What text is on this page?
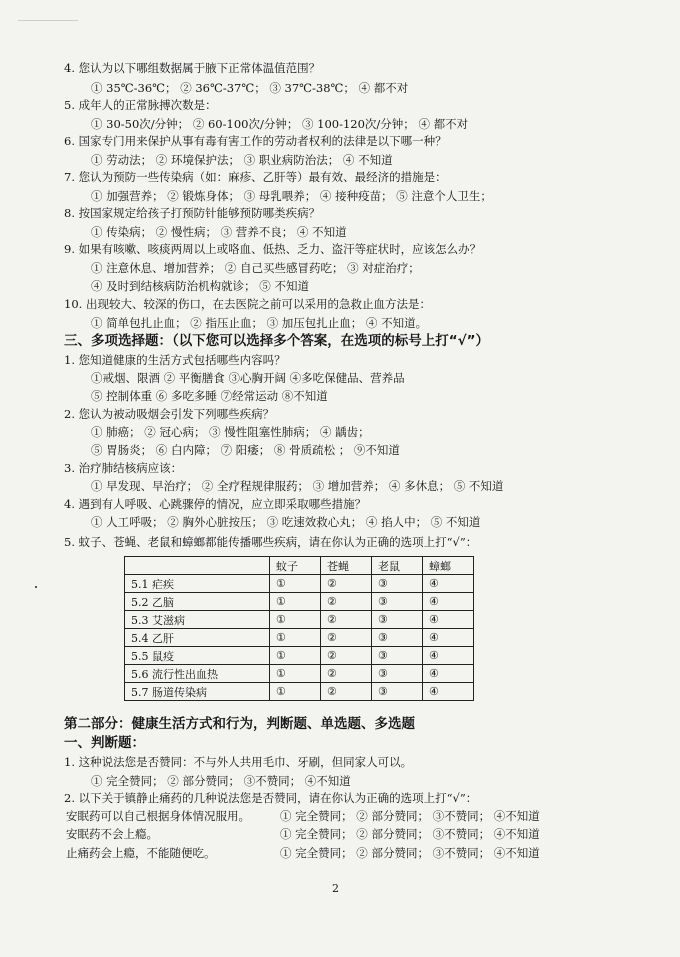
4. 您认为以下哪组数据属于腋下正常体温值范围？
① 35℃-36℃； ② 36℃-37℃； ③ 37℃-38℃； ④ 都不对
5. 成年人的正常脉搏次数是：
① 30-50次/分钟； ② 60-100次/分钟； ③ 100-120次/分钟； ④ 都不对
6. 国家专门用来保护从事有毒有害工作的劳动者权利的法律是以下哪一种？
① 劳动法； ② 环境保护法； ③ 职业病防治法； ④ 不知道
7. 您认为预防一些传染病（如：麻疹、乙肝等）最有效、最经济的措施是：
① 加强营养； ② 锻炼身体； ③ 母乳喂养； ④ 接种疫苗； ⑤ 注意个人卫生；
8. 按国家规定给孩子打预防针能够预防哪类疾病？
① 传染病； ② 慢性病； ③ 营养不良； ④ 不知道
9. 如果有咳嗽、咳痰两周以上或咯血、低热、乏力、盗汗等症状时，应该怎么办？
① 注意休息、增加营养； ② 自己买些感冒药吃； ③ 对症治疗；
④ 及时到结核病防治机构就诊； ⑤ 不知道
10. 出现较大、较深的伤口，在去医院之前可以采用的急救止血方法是：
① 简单包扎止血； ② 指压止血； ③ 加压包扎止血； ④ 不知道。
三、多项选择题：（以下您可以选择多个答案，在选项的标号上打“√”）
1. 您知道健康的生活方式包括哪些内容吗？
①戒烟、限酒 ② 平衡膳食 ③心胸开阔 ④多吃保健品、营养品
⑤ 控制体重 ⑥ 多吃多睡 ⑦经常运动 ⑧不知道
2. 您认为被动吸烟会引发下列哪些疾病？
① 肺癌； ② 冠心病； ③ 慢性阻塞性肺病； ④ 龋齿；
⑤ 胃肠炎； ⑥ 白内障； ⑦ 阳痿； ⑧ 骨质疏松 ； ⑨不知道
3. 治疗肺结核病应该：
① 早发现、早治疗； ② 全疗程规律服药； ③ 增加营养； ④ 多休息； ⑤ 不知道
4. 遇到有人呼吸、心跳骤停的情况，应立即采取哪些措施？
① 人工呼吸； ② 胸外心脏按压； ③ 吃速效救心丸； ④ 掐人中； ⑤ 不知道
5. 蚊子、苍蝇、老鼠和蟑螂都能传播哪些疾病，请在你认为正确的选项上打“√”：
	蚊子	苍蝇	老鼠	蟑螂
5.1 疟疾	①	②	③	④
5.2 乙脑	①	②	③	④
5.3 艾滋病	①	②	③	④
5.4 乙肝	①	②	③	④
5.5 鼠疫	①	②	③	④
5.6 流行性出血热	①	②	③	④
5.7 肠道传染病	①	②	③	④
第二部分：健康生活方式和行为，判断题、单选题、多选题
一、判断题：
1. 这种说法您是否赞同：不与外人共用毛巾、牙刷，但同家人可以。
① 完全赞同； ② 部分赞同； ③不赞同； ④不知道
2. 以下关于镇静止痛药的几种说法您是否赞同，请在你认为正确的选项上打“√”：
安眠药可以自己根据身体情况服用。	① 完全赞同； ② 部分赞同； ③不赞同； ④不知道
安眠药不会上瘾。	① 完全赞同； ② 部分赞同； ③不赞同； ④不知道
止痛药会上瘾，不能随便吃。	① 完全赞同； ② 部分赞同； ③不赞同； ④不知道
2
